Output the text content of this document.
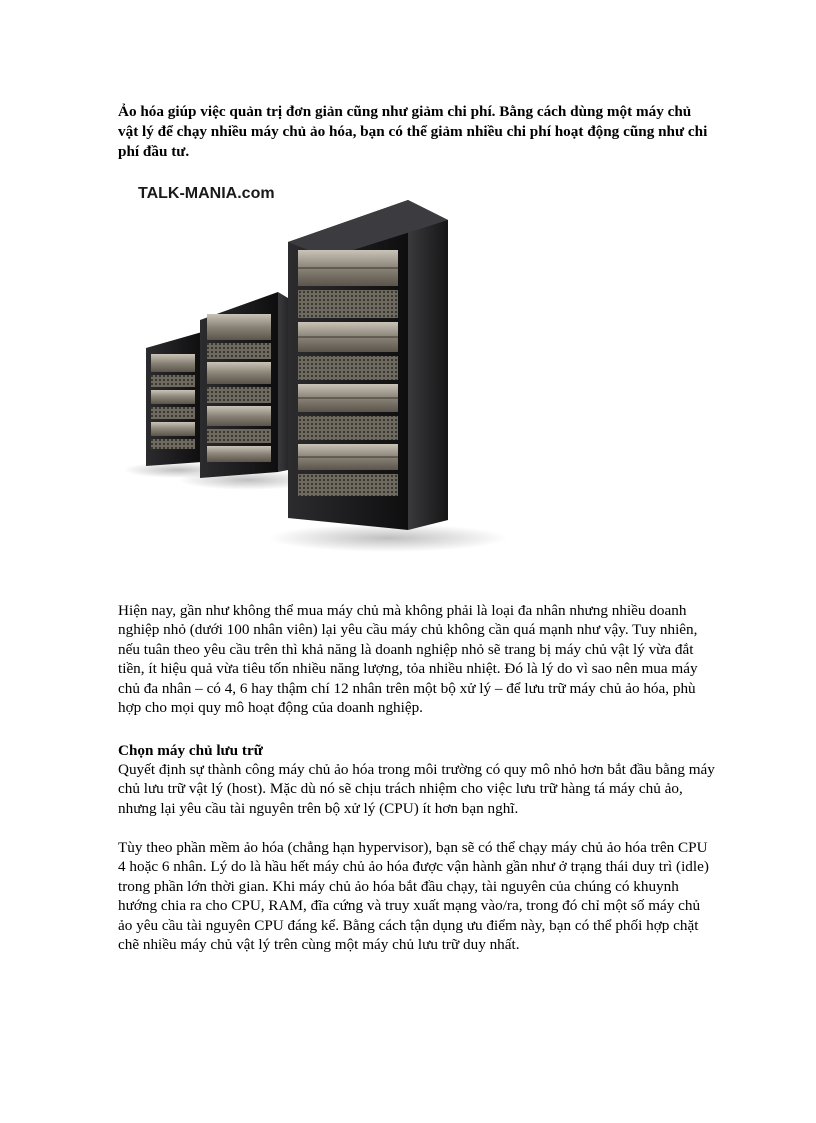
Ảo hóa giúp việc quản trị đơn giản cũng như giảm chi phí. Bằng cách dùng một máy chủ vật lý để chạy nhiều máy chủ ảo hóa, bạn có thể giảm nhiều chi phí hoạt động cũng như chi phí đầu tư.

TALK-MANIA.com

Hiện nay, gần như không thể mua máy chủ mà không phải là loại đa nhân nhưng nhiều doanh nghiệp nhỏ (dưới 100 nhân viên) lại yêu cầu máy chủ không cần quá mạnh như vậy. Tuy nhiên, nếu tuân theo yêu cầu trên thì khả năng là doanh nghiệp nhỏ sẽ trang bị máy chủ vật lý vừa đắt tiền, ít hiệu quả vừa tiêu tốn nhiều năng lượng, tỏa nhiều nhiệt. Đó là lý do vì sao nên mua máy chủ đa nhân – có 4, 6 hay thậm chí 12 nhân trên một bộ xử lý – để lưu trữ máy chủ ảo hóa, phù hợp cho mọi quy mô hoạt động của doanh nghiệp.

Chọn máy chủ lưu trữ

Quyết định sự thành công máy chủ ảo hóa trong môi trường có quy mô nhỏ hơn bắt đầu bằng máy chủ lưu trữ vật lý (host). Mặc dù nó sẽ chịu trách nhiệm cho việc lưu trữ hàng tá máy chủ ảo, nhưng lại yêu cầu tài nguyên trên bộ xử lý (CPU) ít hơn bạn nghĩ.

Tùy theo phần mềm ảo hóa (chẳng hạn hypervisor), bạn sẽ có thể chạy máy chủ ảo hóa trên CPU 4 hoặc 6 nhân. Lý do là hầu hết máy chủ ảo hóa được vận hành gần như ở trạng thái duy trì (idle) trong phần lớn thời gian. Khi máy chủ ảo hóa bắt đầu chạy, tài nguyên của chúng có khuynh hướng chia ra cho CPU, RAM, đĩa cứng và truy xuất mạng vào/ra, trong đó chỉ một số máy chủ ảo yêu cầu tài nguyên CPU đáng kể. Bằng cách tận dụng ưu điểm này, bạn có thể phối hợp chặt chẽ nhiều máy chủ vật lý trên cùng một máy chủ lưu trữ duy nhất.
